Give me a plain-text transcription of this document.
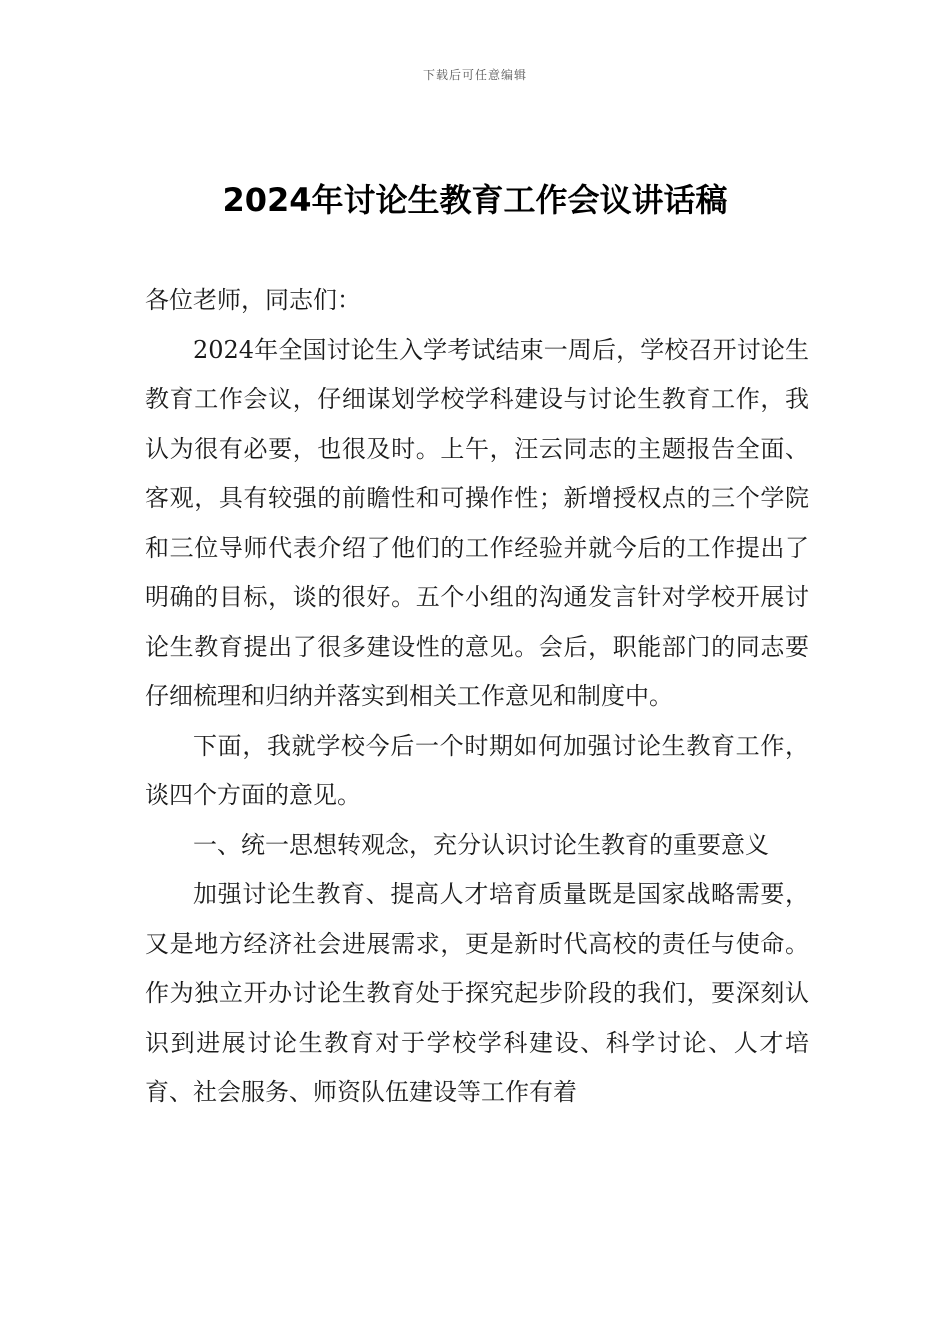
下载后可任意编辑
2024年讨论生教育工作会议讲话稿

各位老师，同志们：

2024年全国讨论生入学考试结束一周后，学校召开讨论生教育工作会议，仔细谋划学校学科建设与讨论生教育工作，我认为很有必要，也很及时。上午，汪云同志的主题报告全面、客观，具有较强的前瞻性和可操作性；新增授权点的三个学院和三位导师代表介绍了他们的工作经验并就今后的工作提出了明确的目标，谈的很好。五个小组的沟通发言针对学校开展讨论生教育提出了很多建设性的意见。会后，职能部门的同志要仔细梳理和归纳并落实到相关工作意见和制度中。

下面，我就学校今后一个时期如何加强讨论生教育工作，谈四个方面的意见。

一、统一思想转观念，充分认识讨论生教育的重要意义

加强讨论生教育、提高人才培育质量既是国家战略需要，又是地方经济社会进展需求，更是新时代高校的责任与使命。作为独立开办讨论生教育处于探究起步阶段的我们，要深刻认识到进展讨论生教育对于学校学科建设、科学讨论、人才培育、社会服务、师资队伍建设等工作有着
